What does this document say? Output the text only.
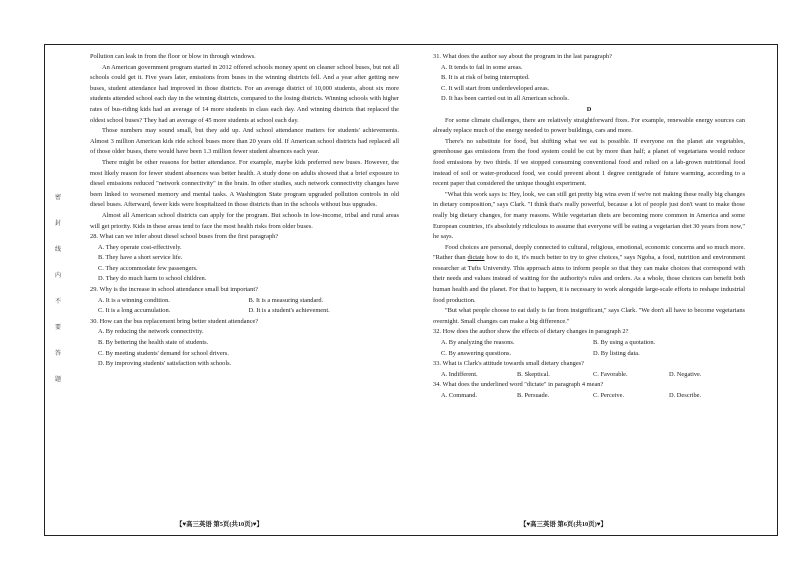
密
封
线
内
不
要
答
题

Pollution can leak in from the floor or blow in through windows.

An American government program started in 2012 offered schools money spent on cleaner school buses, but not all schools could get it. Five years later, emissions from buses in the winning districts fell. And a year after getting new buses, student attendance had improved in those districts. For an average district of 10,000 students, about six more students attended school each day in the winning districts, compared to the losing districts. Winning schools with higher rates of bus-riding kids had an average of 14 more students in class each day. And winning districts that replaced the oldest school buses? They had an average of 45 more students at school each day.

Those numbers may sound small, but they add up. And school attendance matters for students' achievements. Almost 3 million American kids ride school buses more than 20 years old. If American school districts had replaced all of those older buses, there would have been 1.3 million fewer student absences each year.

There might be other reasons for better attendance. For example, maybe kids preferred new buses. However, the most likely reason for fewer student absences was better health. A study done on adults showed that a brief exposure to diesel emissions reduced "network connectivity" in the brain. In other studies, such network connectivity changes have been linked to worsened memory and mental tasks. A Washington State program upgraded pollution controls in old diesel buses. Afterward, fewer kids were hospitalized in those districts than in the schools without bus upgrades.

Almost all American school districts can apply for the program. But schools in low-income, tribal and rural areas will get priority. Kids in these areas tend to face the most health risks from older buses.

28. What can we infer about diesel school buses from the first paragraph?

A. They operate cost-effectively.

B. They have a short service life.

C. They accommodate few passengers.

D. They do much harm to school children.

29. Why is the increase in school attendance small but important?

A. It is a winning condition.	B. It is a measuring standard.
C. It is a long accumulation.	D. It is a student's achievement.

30. How can the bus replacement bring better student attendance?

A. By reducing the network connectivity.

B. By bettering the health state of students.

C. By meeting students' demand for school drivers.

D. By improving students' satisfaction with schools.

31. What does the author say about the program in the last paragraph?

A. It tends to fail in some areas.

B. It is at risk of being interrupted.

C. It will start from underdeveloped areas.

D. It has been carried out in all American schools.

D

For some climate challenges, there are relatively straightforward fixes. For example, renewable energy sources can already replace much of the energy needed to power buildings, cars and more.

There's no substitute for food, but shifting what we eat is possible. If everyone on the planet ate vegetables, greenhouse gas emissions from the food system could be cut by more than half; a planet of vegetarians would reduce food emissions by two thirds. If we stopped consuming conventional food and relied on a lab-grown nutritional food instead of soil or water-produced food, we could prevent about 1 degree centigrade of future warming, according to a recent paper that considered the unique thought experiment.

"What this work says is: Hey, look, we can still get pretty big wins even if we're not making these really big changes in dietary composition," says Clark. "I think that's really powerful, because a lot of people just don't want to make those really big dietary changes, for many reasons. While vegetarian diets are becoming more common in America and some European countries, it's absolutely ridiculous to assume that everyone will be eating a vegetarian diet 30 years from now," he says.

Food choices are personal, deeply connected to cultural, religious, emotional, economic concerns and so much more. "Rather than dictate how to do it, it's much better to try to give choices," says Ngoba, a food, nutrition and environment researcher at Tufts University. This approach aims to inform people so that they can make choices that correspond with their needs and values instead of waiting for the authority's rules and orders. As a whole, those choices can benefit both human health and the planet. For that to happen, it is necessary to work alongside large-scale efforts to reshape industrial food production.

"But what people choose to eat daily is far from insignificant," says Clark. "We don't all have to become vegetarians overnight. Small changes can make a big difference."

32. How does the author show the effects of dietary changes in paragraph 2?

A. By analyzing the reasons.	B. By using a quotation.
C. By answering questions.	D. By listing data.

33. What is Clark's attitude towards small dietary changes?

A. Indifferent.	B. Skeptical.	C. Favorable.	D. Negative.

34. What does the underlined word "dictate" in paragraph 4 mean?

A. Command.	B. Persuade.	C. Perceive.	D. Describe.
【♥高三英语 第5页(共10页)♥】	【♥高三英语 第6页(共10页)♥】
